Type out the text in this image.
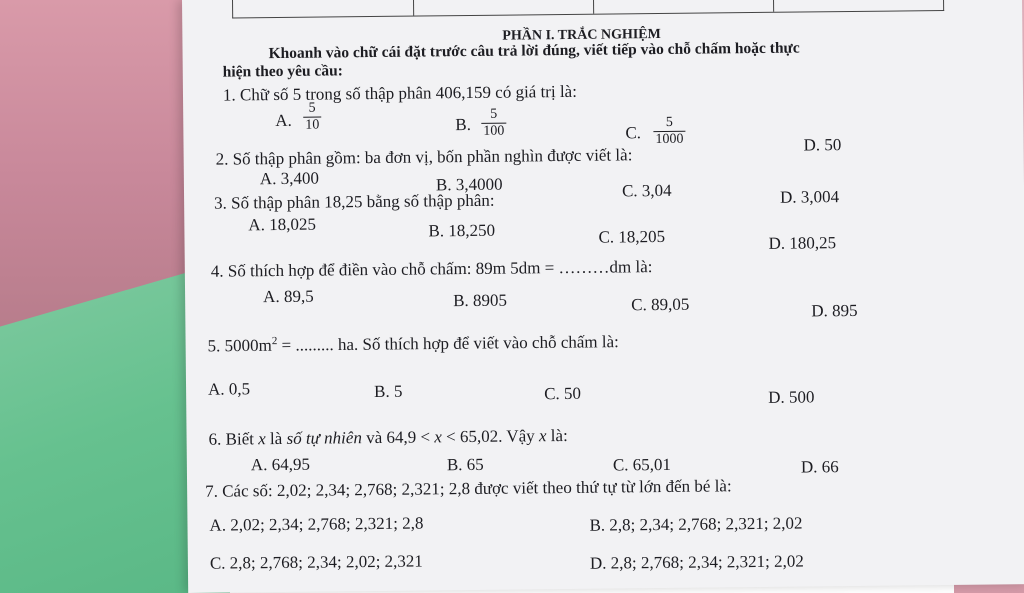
PHẦN I. TRẮC NGHIỆM
Khoanh vào chữ cái đặt trước câu trả lời đúng, viết tiếp vào chỗ chấm hoặc thực
hiện theo yêu cầu:
1. Chữ số 5 trong số thập phân 406,159 có giá trị là:
A. $\frac{5}{10}$	B. $\frac{5}{100}$	C. $\frac{5}{1000}$	D. 50
2. Số thập phân gồm: ba đơn vị, bốn phần nghìn được viết là:
A. 3,400	B. 3,4000	C. 3,04	D. 3,004
3. Số thập phân 18,25 bằng số thập phân:
A. 18,025	B. 18,250	C. 18,205	D. 180,25
4. Số thích hợp để điền vào chỗ chấm: 89m 5dm = ………dm là:
A. 89,5	B. 8905	C. 89,05	D. 895
5. $5000m^2$ = ......... ha. Số thích hợp để viết vào chỗ chấm là:
A. 0,5	B. 5	C. 50	D. 500
6. Biết x là số tự nhiên và 64,9 < x < 65,02. Vậy x là:
A. 64,95	B. 65	C. 65,01	D. 66
7. Các số: 2,02; 2,34; 2,768; 2,321; 2,8 được viết theo thứ tự từ lớn đến bé là:
A. 2,02; 2,34; 2,768; 2,321; 2,8	B. 2,8; 2,34; 2,768; 2,321; 2,02
C. 2,8; 2,768; 2,34; 2,02; 2,321	D. 2,8; 2,768; 2,34; 2,321; 2,02
